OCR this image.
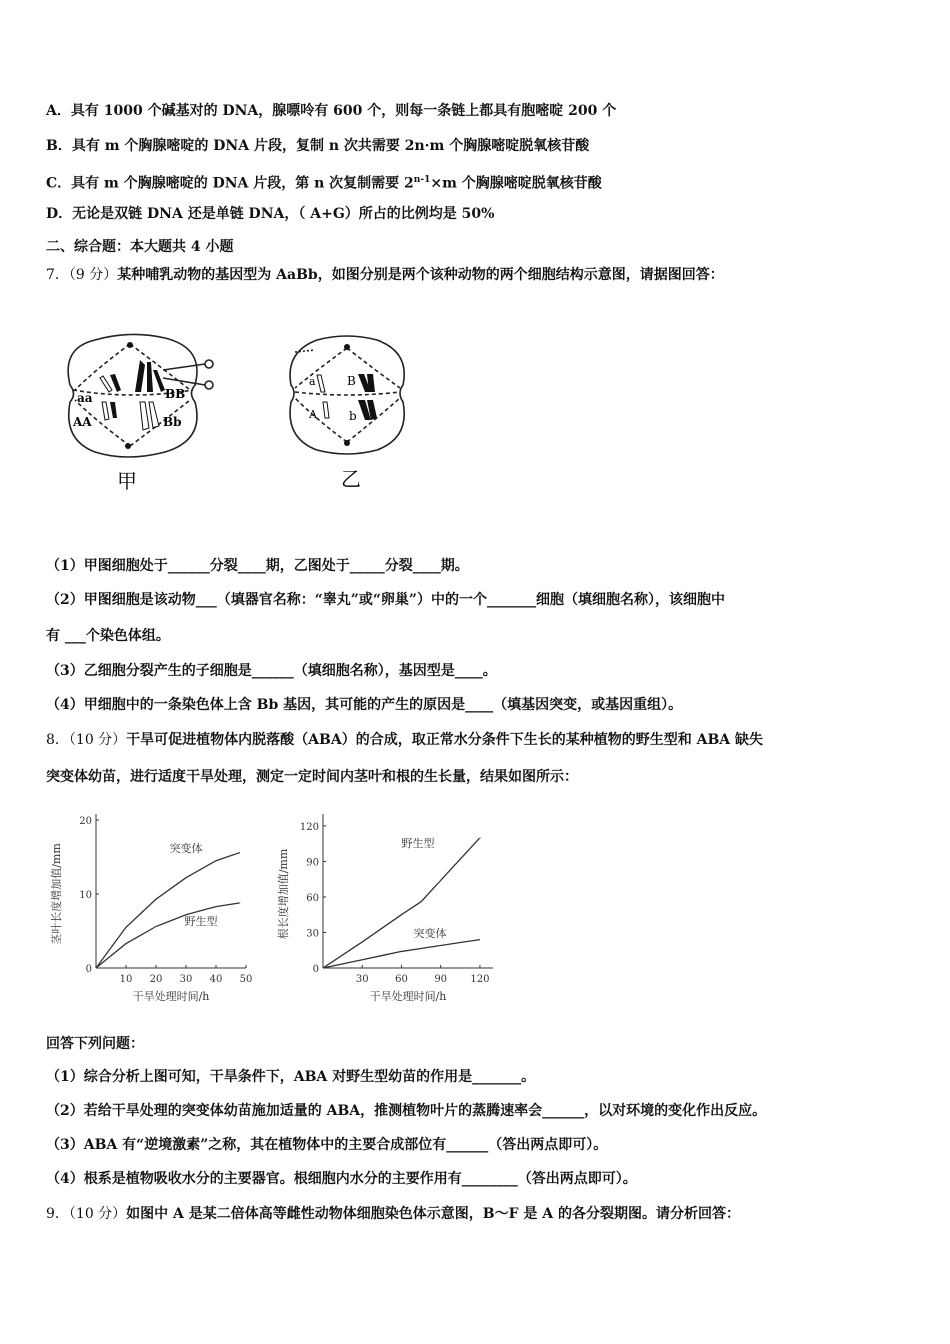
A．具有 1000 个碱基对的 DNA，腺嘌呤有 600 个，则每一条链上都具有胞嘧啶 200 个
B．具有 m 个胸腺嘧啶的 DNA 片段，复制 n 次共需要 2n·m 个胸腺嘧啶脱氧核苷酸
C．具有 m 个胸腺嘧啶的 DNA 片段，第 n 次复制需要 $2^{n-1}\times m$ 个胸腺嘧啶脱氧核苷酸
D．无论是双链 DNA 还是单链 DNA，（ A+G）所占的比例均是 50%
二、综合题：本大题共 4 小题
7．（9 分）某种哺乳动物的基因型为 AaBb，如图分别是两个该种动物的两个细胞结构示意图，请据图回答：
aa
AA
BB
Bb
甲
a
A
B
b
乙
（1）甲图细胞处于______分裂____期，乙图处于_____分裂____期。
（2）甲图细胞是该动物___（填器官名称：“睾丸”或“卵巢”）中的一个_______细胞（填细胞名称），该细胞中
有 ___个染色体组。
（3）乙细胞分裂产生的子细胞是______（填细胞名称），基因型是____。
（4）甲细胞中的一条染色体上含 Bb 基因，其可能的产生的原因是____（填基因突变，或基因重组）。
8．（10 分）干旱可促进植物体内脱落酸（ABA）的合成，取正常水分条件下生长的某种植物的野生型和 ABA 缺失
突变体幼苗，进行适度干旱处理，测定一定时间内茎叶和根的生长量，结果如图所示：
10 20 30 40 50
0
10
20
干旱处理时间/h
茎叶长度增加值/mm	突变体
野生型
30	60	90 120
0
30
60
90
120
干旱处理时间/h
根长度增加值/mm
野生型
突变体
回答下列问题：
（1）综合分析上图可知，干旱条件下，ABA 对野生型幼苗的作用是_______。
（2）若给干旱处理的突变体幼苗施加适量的 ABA，推测植物叶片的蒸腾速率会______，以对环境的变化作出反应。
（3）ABA 有“逆境激素”之称，其在植物体中的主要合成部位有______（答出两点即可）。
（4）根系是植物吸收水分的主要器官。根细胞内水分的主要作用有________（答出两点即可）。
9．（10 分）如图中 A 是某二倍体高等雌性动物体细胞染色体示意图，B～F 是 A 的各分裂期图。请分析回答：
